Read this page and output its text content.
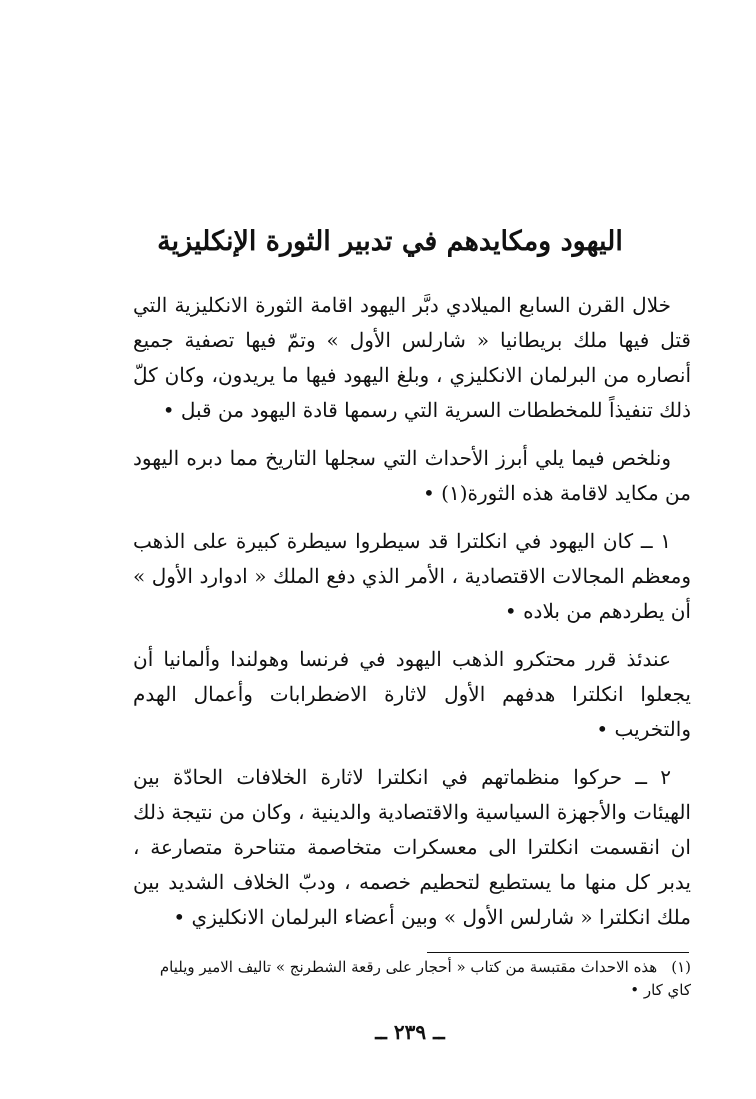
اليهود ومكايدهم في تدبير الثورة الإنكليزية

خلال القرن السابع الميلادي دبَّر اليهود اقامة الثورة الانكليزية التي قتل فيها ملك بريطانيا « شارلس الأول » وتمّ فيها تصفية جميع أنصاره من البرلمان الانكليزي ، وبلغ اليهود فيها ما يريدون، وكان كلّ ذلك تنفيذاً للمخططات السرية التي رسمها قادة اليهود من قبل •

ونلخص فيما يلي أبرز الأحداث التي سجلها التاريخ مما دبره اليهود من مكايد لاقامة هذه الثورة(١) •

١ ــ كان اليهود في انكلترا قد سيطروا سيطرة كبيرة على الذهب ومعظم المجالات الاقتصادية ، الأمر الذي دفع الملك « ادوارد الأول » أن يطردهم من بلاده •

عندئذ قرر محتكرو الذهب اليهود في فرنسا وهولندا وألمانيا أن يجعلوا انكلترا هدفهم الأول لاثارة الاضطرابات وأعمال الهدم والتخريب •

٢ ــ حركوا منظماتهم في انكلترا لاثارة الخلافات الحادّة بين الهيئات والأجهزة السياسية والاقتصادية والدينية ، وكان من نتيجة ذلك ان انقسمت انكلترا الى معسكرات متخاصمة متناحرة متصارعة ، يدبر كل منها ما يستطيع لتحطيم خصمه ، ودبّ الخلاف الشديد بين ملك انكلترا « شارلس الأول » وبين أعضاء البرلمان الانكليزي •

(١)هذه الاحداث مقتبسة من كتاب « أحجار على رقعة الشطرنج » تاليف الامير ويليام كاي كار •
ــ ٢٣٩ ــ
